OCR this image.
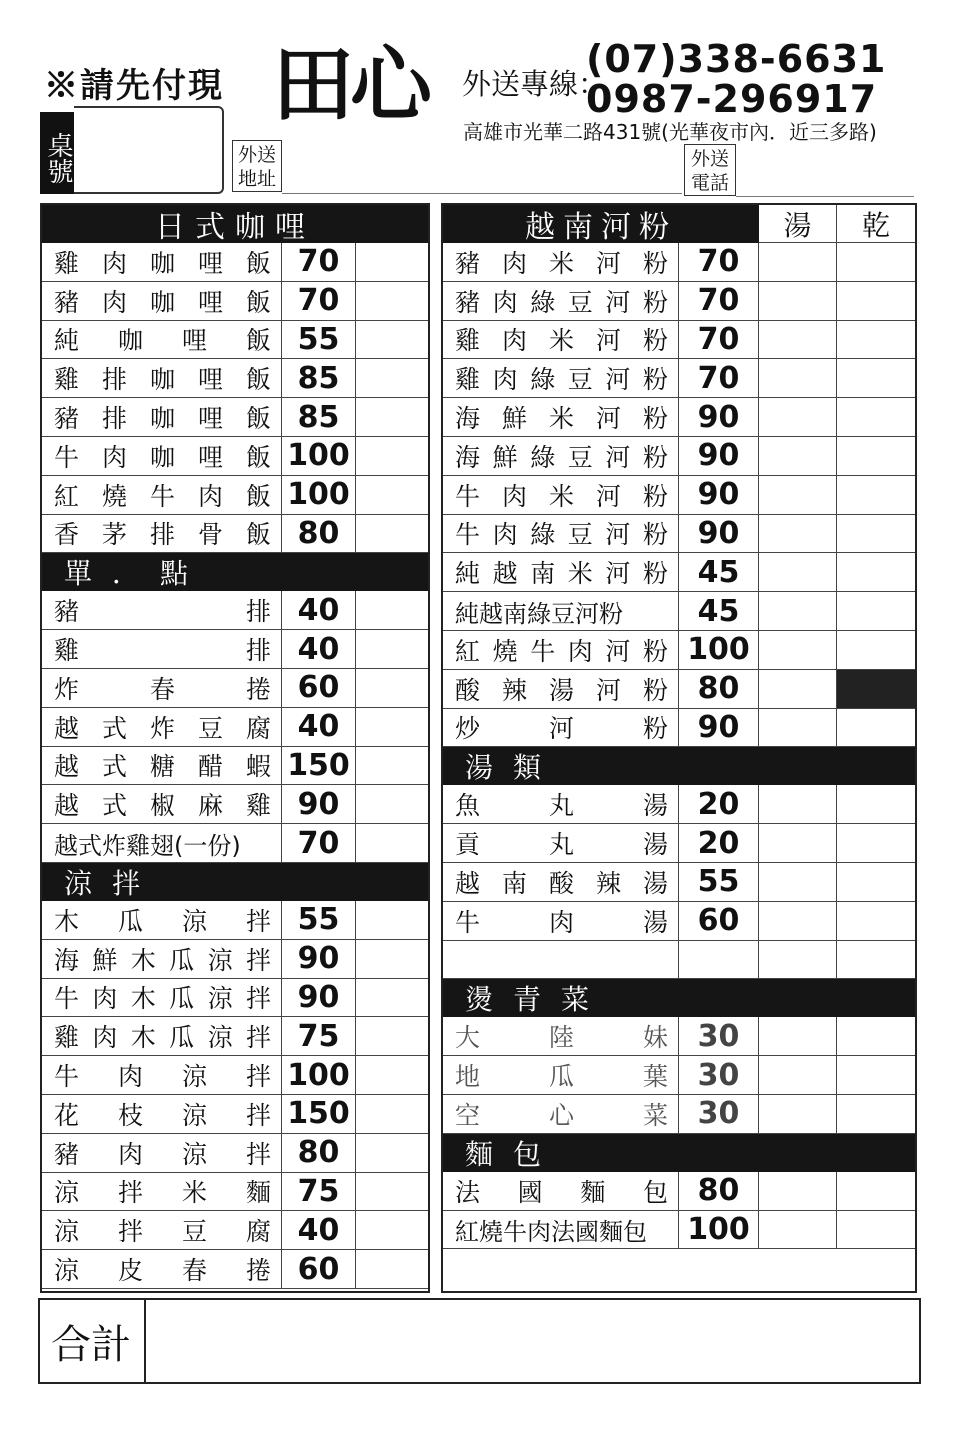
※請先付現 田心 外送專線：
(07)338-6631
0987-296917
高雄市光華二路431號(光華夜市內．近三多路)
桌號	外送地址
外送電話
日式咖哩
雞 肉 咖 哩 飯 70
豬 肉 咖 哩 飯 70
純 咖 哩 飯 55
雞 排 咖 哩 飯 85
豬 排 咖 哩 飯 85
牛 肉 咖 哩 飯 100
紅 燒 牛 肉 飯 100
香 茅 排 骨 飯 80
單．點
豬	排 40
雞	排 40
炸	春	捲 60
越 式 炸 豆 腐 40
越 式 糖 醋 蝦 150
越 式 椒 麻 雞 90
越式炸雞翅(一份)	70
涼拌
木 瓜 涼 拌 55
海 鮮 木 瓜 涼 拌 90
牛 肉 木 瓜 涼 拌 90
雞 肉 木 瓜 涼 拌 75
牛 肉 涼 拌 100
花 枝 涼 拌 150
豬 肉 涼 拌 80
涼 拌 米 麵 75
涼 拌 豆 腐 40
涼 皮 春 捲 60
越南河粉	湯	乾
豬 肉 米 河 粉 70
豬 肉 綠 豆 河 粉 70
雞 肉 米 河 粉 70
雞 肉 綠 豆 河 粉 70
海 鮮 米 河 粉 90
海 鮮 綠 豆 河 粉 90
牛 肉 米 河 粉 90
牛 肉 綠 豆 河 粉 90
純 越 南 米 河 粉 45
純越南綠豆河粉	45
紅 燒 牛 肉 河 粉 100
酸 辣 湯 河 粉 80
炒	河	粉 90
湯類
魚	丸	湯 20
貢	丸	湯 20
越 南 酸 辣 湯 55
牛	肉	湯 60
燙青菜
大	陸	妹 30
地	瓜	葉 30
空	心	菜 30
麵包
法 國 麵 包 80
紅燒牛肉法國麵包	100
合計
